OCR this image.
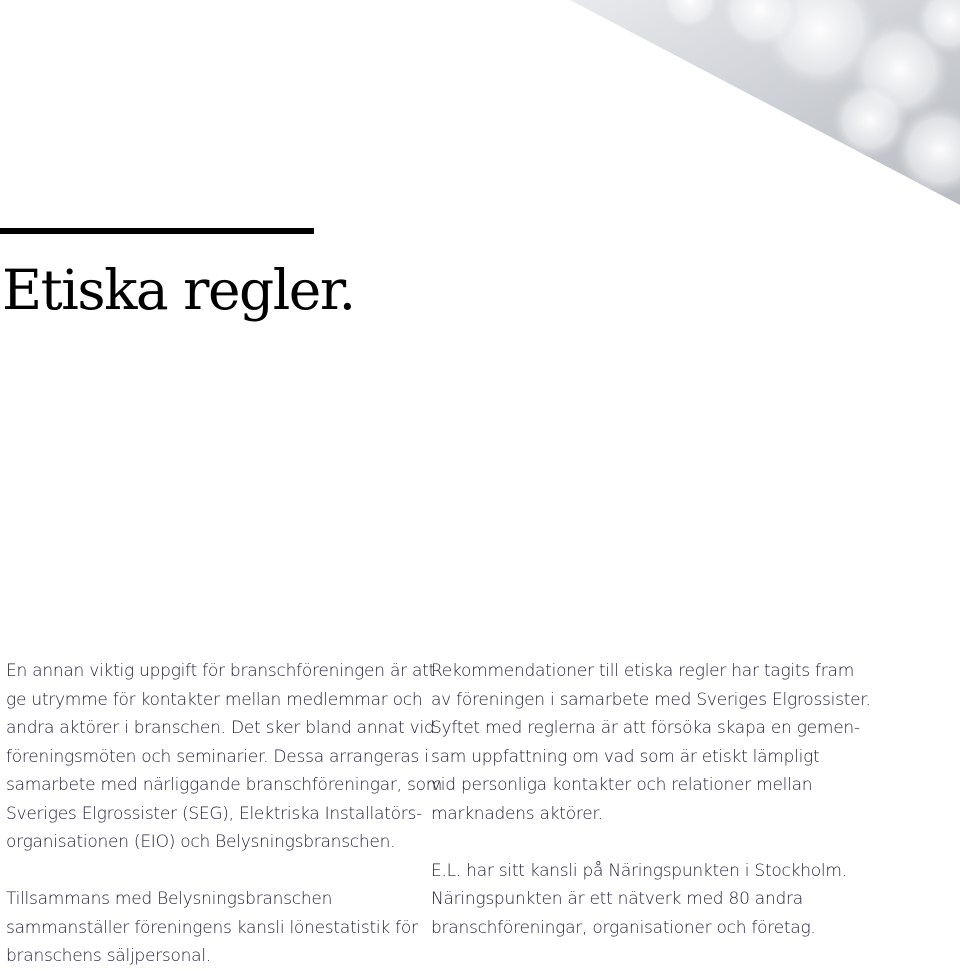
Etiska regler.

En annan viktig uppgift för branschföreningen är att
ge utrymme för kontakter mellan medlemmar och
andra aktörer i branschen. Det sker bland annat vid
föreningsmöten och seminarier. Dessa arrangeras i
samarbete med närliggande branschföreningar, som
Sveriges Elgrossister (SEG), Elektriska Installatörs-
organisationen (EIO) och Belysningsbranschen.

Tillsammans med Belysningsbranschen
sammanställer föreningens kansli lönestatistik för
branschens säljpersonal.

Rekommendationer till etiska regler har tagits fram
av föreningen i samarbete med Sveriges Elgrossister.
Syftet med reglerna är att försöka skapa en gemen-
sam uppfattning om vad som är etiskt lämpligt
vid personliga kontakter och relationer mellan
marknadens aktörer.

E.L. har sitt kansli på Näringspunkten i Stockholm.
Näringspunkten är ett nätverk med 80 andra
branschföreningar, organisationer och företag.
